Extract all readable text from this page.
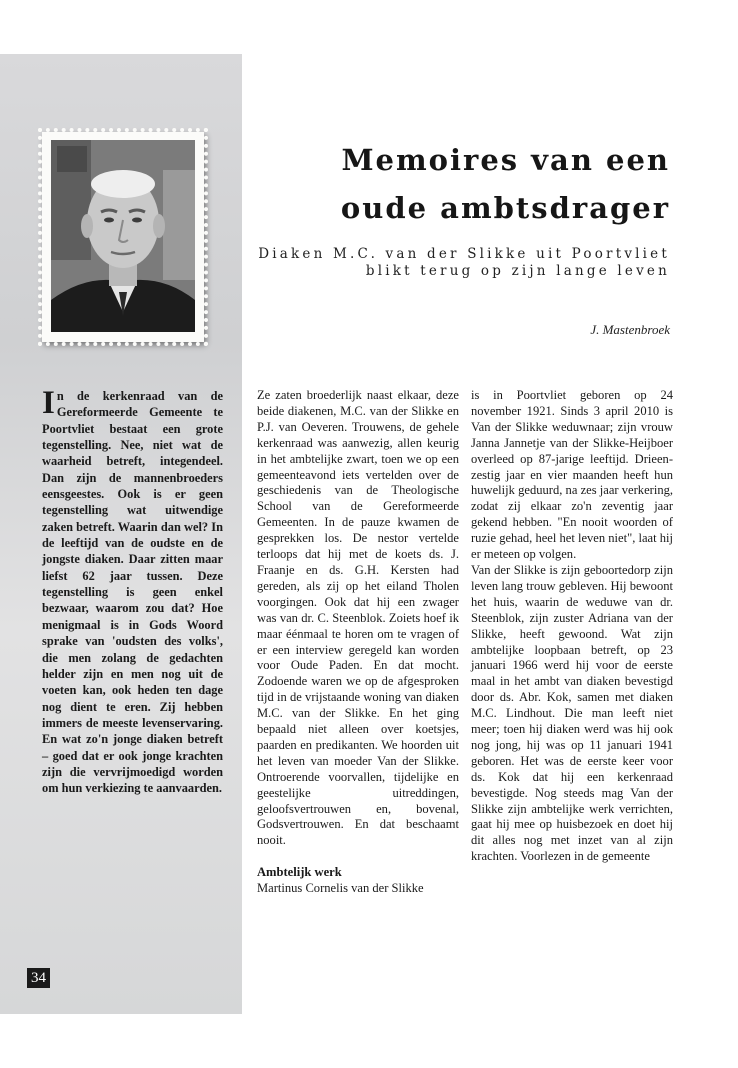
Memoires van een
oude ambtsdrager
Diaken M.C. van der Slikke uit Poortvliet
blikt terug op zijn lange leven
J. Mastenbroek
In de kerkenraad van de Gereformeerde Gemeente te Poortvliet bestaat een grote tegenstelling. Nee, niet wat de waarheid betreft, integendeel. Dan zijn de mannenbroeders eensgeestes. Ook is er geen tegenstelling wat uitwendige zaken betreft. Waarin dan wel? In de leeftijd van de oudste en de jongste diaken. Daar zitten maar liefst 62 jaar tussen. Deze tegenstelling is geen enkel bezwaar, waarom zou dat? Hoe menigmaal is in Gods Woord sprake van 'oudsten des volks', die men zolang de gedachten helder zijn en men nog uit de voeten kan, ook heden ten dage nog dient te eren. Zij hebben immers de meeste levenservaring. En wat zo'n jonge diaken betreft – goed dat er ook jonge krachten zijn die vervrijmoedigd worden om hun verkiezing te aanvaarden.

Ze zaten broederlijk naast elkaar, deze beide diakenen, M.C. van der Slikke en P.J. van Oeveren. Trouwens, de gehele kerkenraad was aanwezig, allen keurig in het ambtelijke zwart, toen we op een gemeenteavond iets vertelden over de geschiedenis van de Theologische School van de Gereformeerde Gemeenten. In de pauze kwamen de gesprekken los. De nestor vertelde terloops dat hij met de koets ds. J. Fraanje en ds. G.H. Kersten had gereden, als zij op het eiland Tholen voorgingen. Ook dat hij een zwager was van dr. C. Steenblok. Zoiets hoef ik maar éénmaal te horen om te vragen of er een interview geregeld kan worden voor Oude Paden. En dat mocht. Zodoende waren we op de afgesproken tijd in de vrijstaande woning van diaken M.C. van der Slikke. En het ging bepaald niet alleen over koetsjes, paarden en predikanten. We hoorden uit het leven van moeder Van der Slikke. Ontroerende voorvallen, tijdelijke en geestelijke uitreddingen, geloofsvertrouwen en, bovenal, Godsvertrouwen. En dat beschaamt nooit.

Ambtelijk werk

Martinus Cornelis van der Slikke

is in Poortvliet geboren op 24 november 1921. Sinds 3 april 2010 is Van der Slikke weduwnaar; zijn vrouw Janna Jannetje van der Slikke-Heijboer overleed op 87-jarige leeftijd. Drieen-zestig jaar en vier maanden heeft hun huwelijk geduurd, na zes jaar verkering, zodat zij elkaar zo'n zeventig jaar gekend hebben. "En nooit woorden of ruzie gehad, heel het leven niet", laat hij er meteen op volgen.

Van der Slikke is zijn geboortedorp zijn leven lang trouw gebleven. Hij bewoont het huis, waarin de weduwe van dr. Steenblok, zijn zuster Adriana van der Slikke, heeft gewoond. Wat zijn ambtelijke loopbaan betreft, op 23 januari 1966 werd hij voor de eerste maal in het ambt van diaken bevestigd door ds. Abr. Kok, samen met diaken M.C. Lindhout. Die man leeft niet meer; toen hij diaken werd was hij ook nog jong, hij was op 11 januari 1941 geboren. Het was de eerste keer voor ds. Kok dat hij een kerkenraad bevestigde. Nog steeds mag Van der Slikke zijn ambtelijke werk verrichten, gaat hij mee op huisbezoek en doet hij dit alles nog met inzet van al zijn krachten. Voorlezen in de gemeente

34
